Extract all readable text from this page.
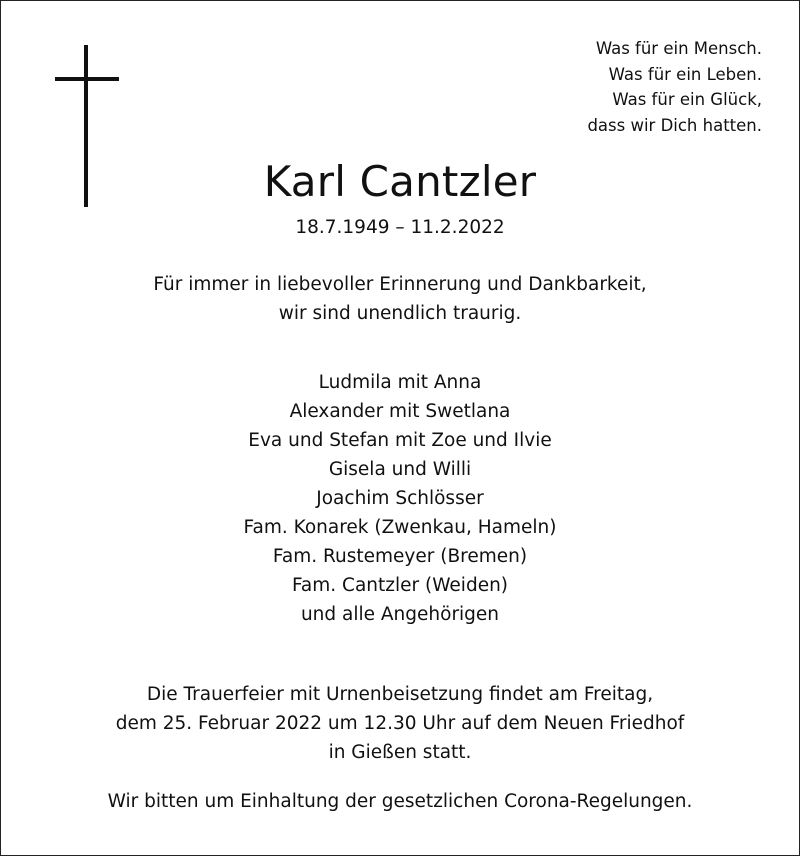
Was für ein Mensch.
Was für ein Leben.
Was für ein Glück,
dass wir Dich hatten.
Karl Cantzler
18.7.1949 – 11.2.2022
Für immer in liebevoller Erinnerung und Dankbarkeit,
wir sind unendlich traurig.
Ludmila mit Anna
Alexander mit Swetlana
Eva und Stefan mit Zoe und Ilvie
Gisela und Willi
Joachim Schlösser
Fam. Konarek (Zwenkau, Hameln)
Fam. Rustemeyer (Bremen)
Fam. Cantzler (Weiden)
und alle Angehörigen
Die Trauerfeier mit Urnenbeisetzung findet am Freitag,
dem 25. Februar 2022 um 12.30 Uhr auf dem Neuen Friedhof
in Gießen statt.
Wir bitten um Einhaltung der gesetzlichen Corona-Regelungen.
